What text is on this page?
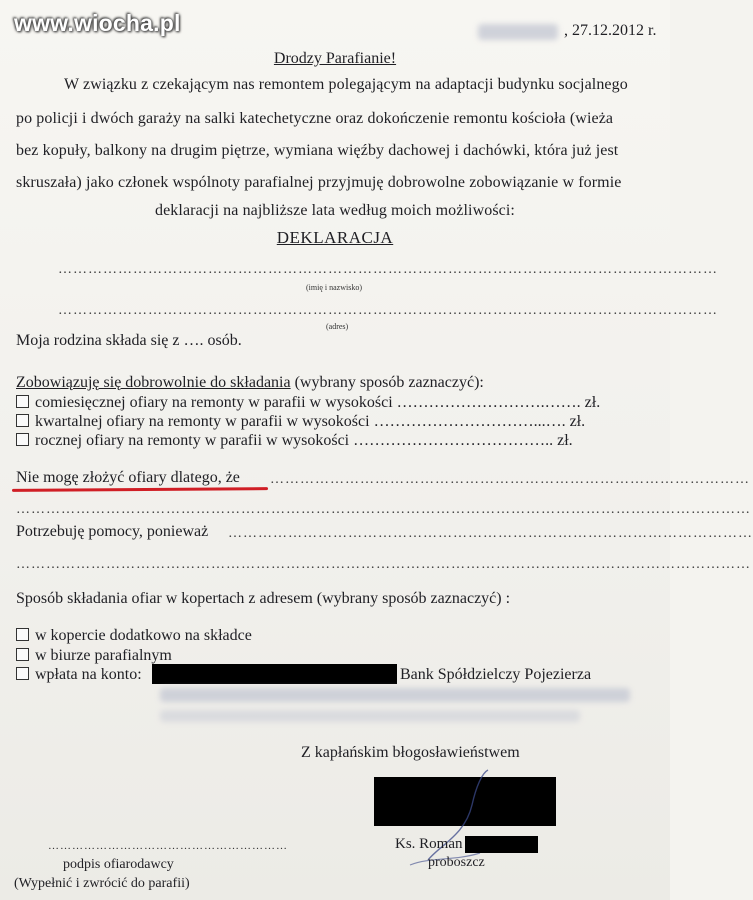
www.wiocha.pl	, 27.12.2012 r.
Drodzy Parafianie!

W związku z czekającym nas remontem polegającym na adaptacji budynku socjalnego

po policji i dwóch garaży na salki katechetyczne oraz dokończenie remontu kościoła (wieża

bez kopuły, balkony na drugim piętrze, wymiana więźby dachowej i dachówki, która już jest

skruszała) jako członek wspólnoty parafialnej przyjmuję dobrowolne zobowiązanie w formie

deklaracji na najbliższe lata według moich możliwości:

DEKLARACJA
……………………………………………………………………………………………………………………
(imię i nazwisko)
……………………………………………………………………………………………………………………
(adres)
Moja rodzina składa się z …. osób.
Zobowiązuję się dobrowolnie do składania (wybrany sposób zaznaczyć):
comiesięcznej ofiary na remonty w parafii w wysokości ……………………….……. zł.
kwartalnej ofiary na remonty w parafii w wysokości …………………………...…. zł.
rocznej ofiary na remonty w parafii w wysokości ……………………………….. zł.
Nie mogę złożyć ofiary dlatego, że ……………………………………………………………………………………
…………………………………………………………………………………………………………………………………
Potrzebuję pomocy, ponieważ ……………………………………………………………………………………………
…………………………………………………………………………………………………………………………………
Sposób składania ofiar w kopertach z adresem (wybrany sposób zaznaczyć) :
w kopercie dodatkowo na składce
w biurze parafialnym
wpłata na konto:	Bank Spółdzielczy Pojezierza
Z kapłańskim błogosławieństwem
Ks. Roman
proboszcz
……………………………………………………
podpis ofiarodawcy
(Wypełnić i zwrócić do parafii)
